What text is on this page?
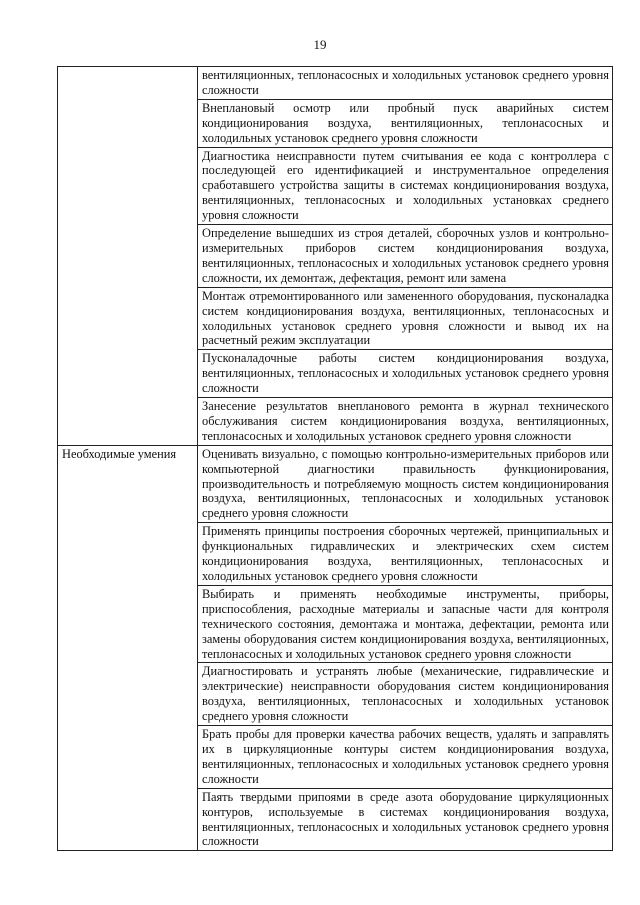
19

	вентиляционных, теплонасосных и холодильных установок среднего уровня сложности

	Внеплановый осмотр или пробный пуск аварийных систем кондиционирования воздуха, вентиляционных, теплонасосных и холодильных установок среднего уровня сложности

	Диагностика неисправности путем считывания ее кода с контроллера с последующей его идентификацией и инструментальное определения сработавшего устройства защиты в системах кондиционирования воздуха, вентиляционных, теплонасосных и холодильных установках среднего уровня сложности

	Определение вышедших из строя деталей, сборочных узлов и контрольно-измерительных приборов систем кондиционирования воздуха, вентиляционных, теплонасосных и холодильных установок среднего уровня сложности, их демонтаж, дефектация, ремонт или замена

	Монтаж отремонтированного или замененного оборудования, пусконаладка систем кондиционирования воздуха, вентиляционных, теплонасосных и холодильных установок среднего уровня сложности и вывод их на расчетный режим эксплуатации

	Пусконаладочные работы систем кондиционирования воздуха, вентиляционных, теплонасосных и холодильных установок среднего уровня сложности

	Занесение результатов внепланового ремонта в журнал технического обслуживания систем кондиционирования воздуха, вентиляционных, теплонасосных и холодильных установок среднего уровня сложности

Необходимые умения	Оценивать визуально, с помощью контрольно-измерительных приборов или компьютерной диагностики правильность функционирования, производительность и потребляемую мощность систем кондиционирования воздуха, вентиляционных, теплонасосных и холодильных установок среднего уровня сложности

	Применять принципы построения сборочных чертежей, принципиальных и функциональных гидравлических и электрических схем систем кондиционирования воздуха, вентиляционных, теплонасосных и холодильных установок среднего уровня сложности

	Выбирать и применять необходимые инструменты, приборы, приспособления, расходные материалы и запасные части для контроля технического состояния, демонтажа и монтажа, дефектации, ремонта или замены оборудования систем кондиционирования воздуха, вентиляционных, теплонасосных и холодильных установок среднего уровня сложности

	Диагностировать и устранять любые (механические, гидравлические и электрические) неисправности оборудования систем кондиционирования воздуха, вентиляционных, теплонасосных и холодильных установок среднего уровня сложности

	Брать пробы для проверки качества рабочих веществ, удалять и заправлять их в циркуляционные контуры систем кондиционирования воздуха, вентиляционных, теплонасосных и холодильных установок среднего уровня сложности

	Паять твердыми припоями в среде азота оборудование циркуляционных контуров, используемые в системах кондиционирования воздуха, вентиляционных, теплонасосных и холодильных установок среднего уровня сложности
